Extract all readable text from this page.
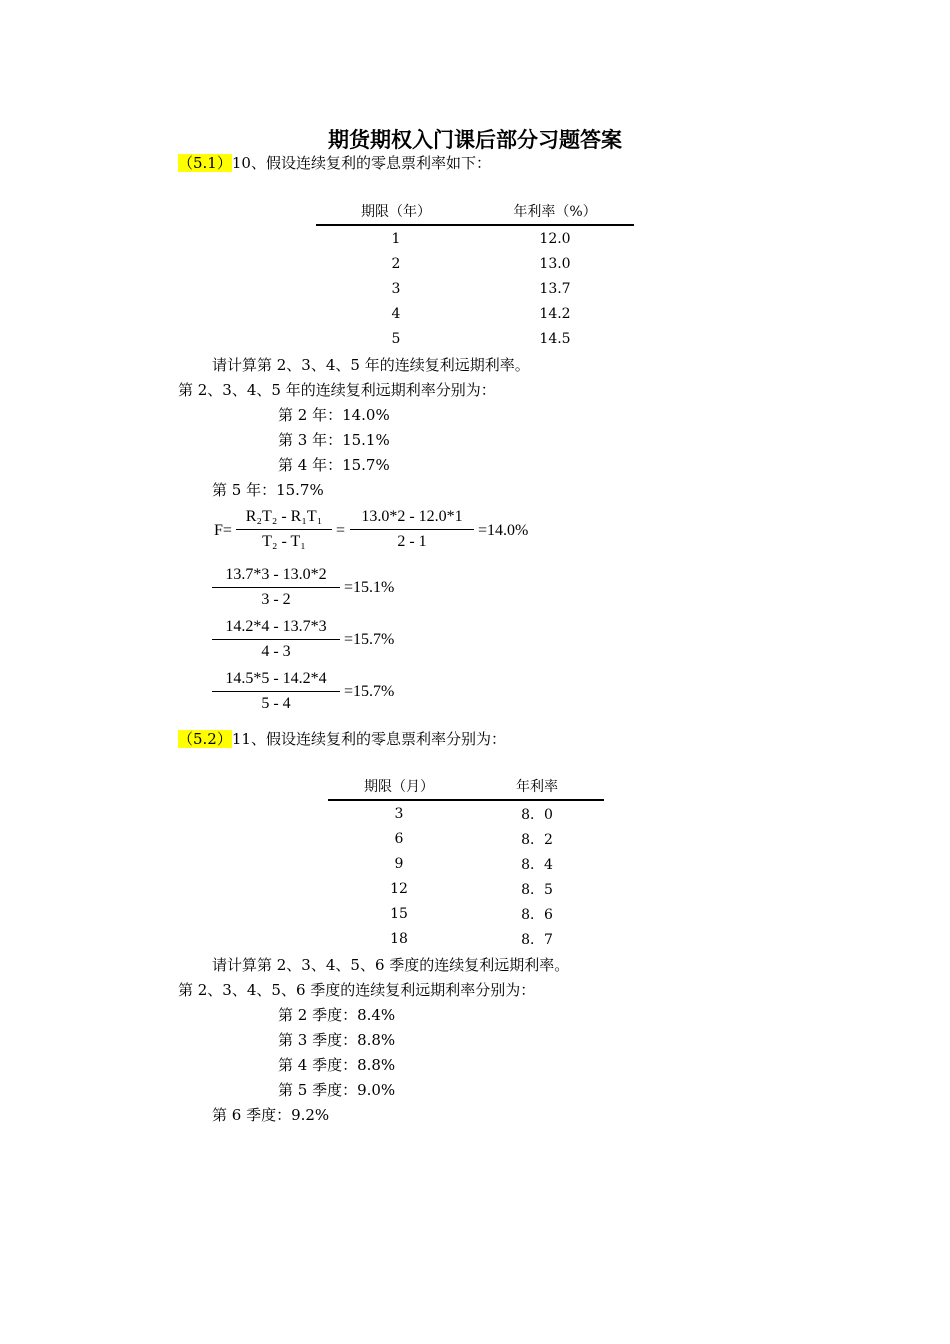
期货期权入门课后部分习题答案
（5.1）10、假设连续复利的零息票利率如下：
期限（年）	年利率（%）
1	12.0
2	13.0
3	13.7
4	14.2
5	14.5
请计算第 2、3、4、5 年的连续复利远期利率。
第 2、3、4、5 年的连续复利远期利率分别为：
第 2 年：14.0%
第 3 年：15.1%
第 4 年：15.7%
第 5 年：15.7%
$F= \frac{\text{R₂T₂ - R₁T₁}}{\text{T₂ - T₁}} = \frac{13.0*2 - 12.0*1}{2 - 1} =14.0\%$
$\frac{13.7*3 - 13.0*2}{3 - 2} =15.1\%$
$\frac{14.2*4 - 13.7*3}{4 - 3} =15.7\%$
$\frac{14.5*5 - 14.2*4}{5 - 4} =15.7\%$
（5.2）11、假设连续复利的零息票利率分别为：
期限（月）	年利率
3	8．0
6	8．2
9	8．4
12	8．5
15	8．6
18	8．7
请计算第 2、3、4、5、6 季度的连续复利远期利率。
第 2、3、4、5、6 季度的连续复利远期利率分别为：
第 2 季度：8.4%
第 3 季度：8.8%
第 4 季度：8.8%
第 5 季度：9.0%
第 6 季度：9.2%
